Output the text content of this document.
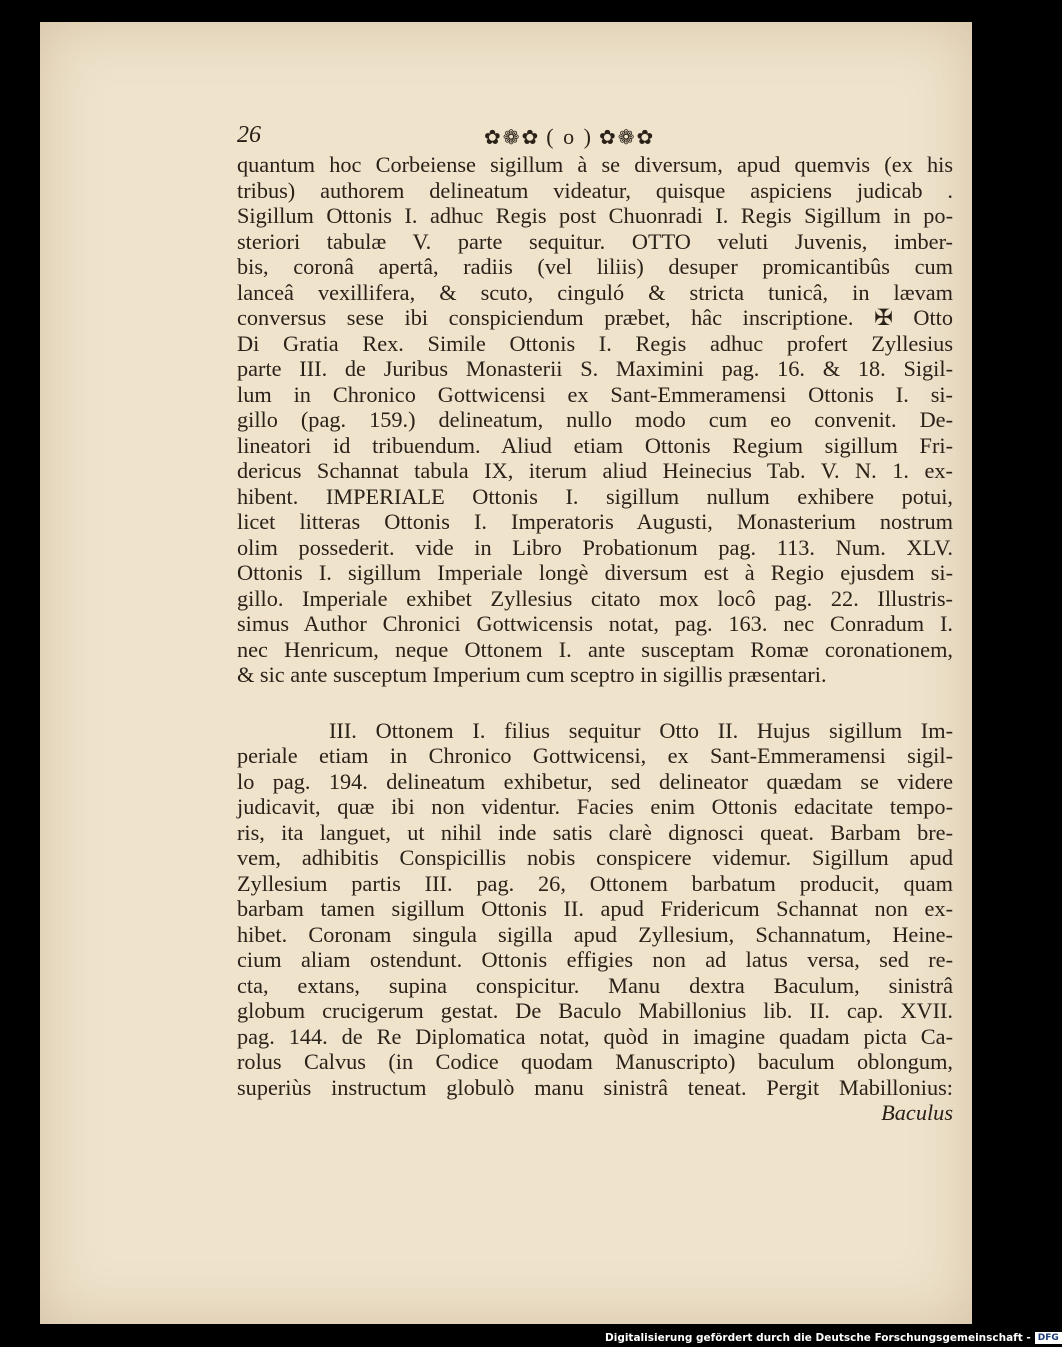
26	✿❁✿ ( o ) ✿❁✿
quantum hoc Corbeiense sigillum à se diversum, apud quemvis (ex his
tribus) authorem delineatum videatur, quisque aspiciens judicab .
Sigillum Ottonis I. adhuc Regis post Chuonradi I. Regis Sigillum in po-
steriori tabulæ V. parte sequitur. OTTO veluti Juvenis, imber-
bis, coronâ apertâ, radiis (vel liliis) desuper promicantibûs cum
lanceâ vexillifera, & scuto, cinguló & stricta tunicâ, in lævam
conversus sese ibi conspiciendum præbet, hâc inscriptione. ✠ Otto
Di Gratia Rex. Simile Ottonis I. Regis adhuc profert Zyllesius
parte III. de Juribus Monasterii S. Maximini pag. 16. & 18. Sigil-
lum in Chronico Gottwicensi ex Sant-Emmeramensi Ottonis I. si-
gillo (pag. 159.) delineatum, nullo modo cum eo convenit. De-
lineatori id tribuendum. Aliud etiam Ottonis Regium sigillum Fri-
dericus Schannat tabula IX, iterum aliud Heinecius Tab. V. N. 1. ex-
hibent. IMPERIALE Ottonis I. sigillum nullum exhibere potui,
licet litteras Ottonis I. Imperatoris Augusti, Monasterium nostrum
olim possederit. vide in Libro Probationum pag. 113. Num. XLV.
Ottonis I. sigillum Imperiale longè diversum est à Regio ejusdem si-
gillo. Imperiale exhibet Zyllesius citato mox locô pag. 22. Illustris-
simus Author Chronici Gottwicensis notat, pag. 163. nec Conradum I.
nec Henricum, neque Ottonem I. ante susceptam Romæ coronationem,
& sic ante susceptum Imperium cum sceptro in sigillis præsentari.
III. Ottonem I. filius sequitur Otto II. Hujus sigillum Im-
periale etiam in Chronico Gottwicensi, ex Sant-Emmeramensi sigil-
lo pag. 194. delineatum exhibetur, sed delineator quædam se videre
judicavit, quæ ibi non videntur. Facies enim Ottonis edacitate tempo-
ris, ita languet, ut nihil inde satis clarè dignosci queat. Barbam bre-
vem, adhibitis Conspicillis nobis conspicere videmur. Sigillum apud
Zyllesium partis III. pag. 26, Ottonem barbatum producit, quam
barbam tamen sigillum Ottonis II. apud Fridericum Schannat non ex-
hibet. Coronam singula sigilla apud Zyllesium, Schannatum, Heine-
cium aliam ostendunt. Ottonis effigies non ad latus versa, sed re-
cta, extans, supina conspicitur. Manu dextra Baculum, sinistrâ
globum crucigerum gestat. De Baculo Mabillonius lib. II. cap. XVII.
pag. 144. de Re Diplomatica notat, quòd in imagine quadam picta Ca-
rolus Calvus (in Codice quodam Manuscripto) baculum oblongum,
superiùs instructum globulò manu sinistrâ teneat. Pergit Mabillonius:
Baculus
Digitalisierung gefördert durch die Deutsche Forschungsgemeinschaft - DFG
